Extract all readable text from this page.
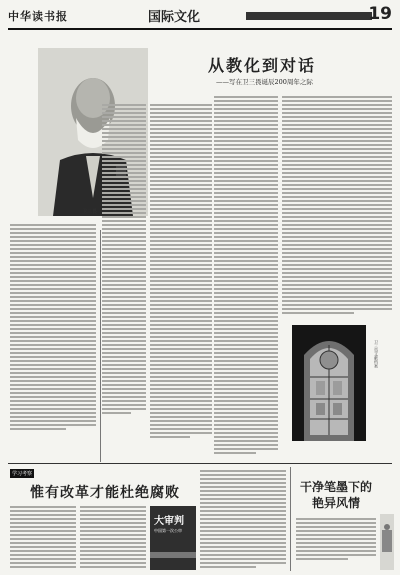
中华读书报	国际文化	19
卫三畏
从教化到对话
——写在卫三畏诞辰200周年之际
卫三畏文献档案
学习考察
惟有改革才能杜绝腐败
大审判
中国第一次公审
干净笔墨下的
艳异风情
